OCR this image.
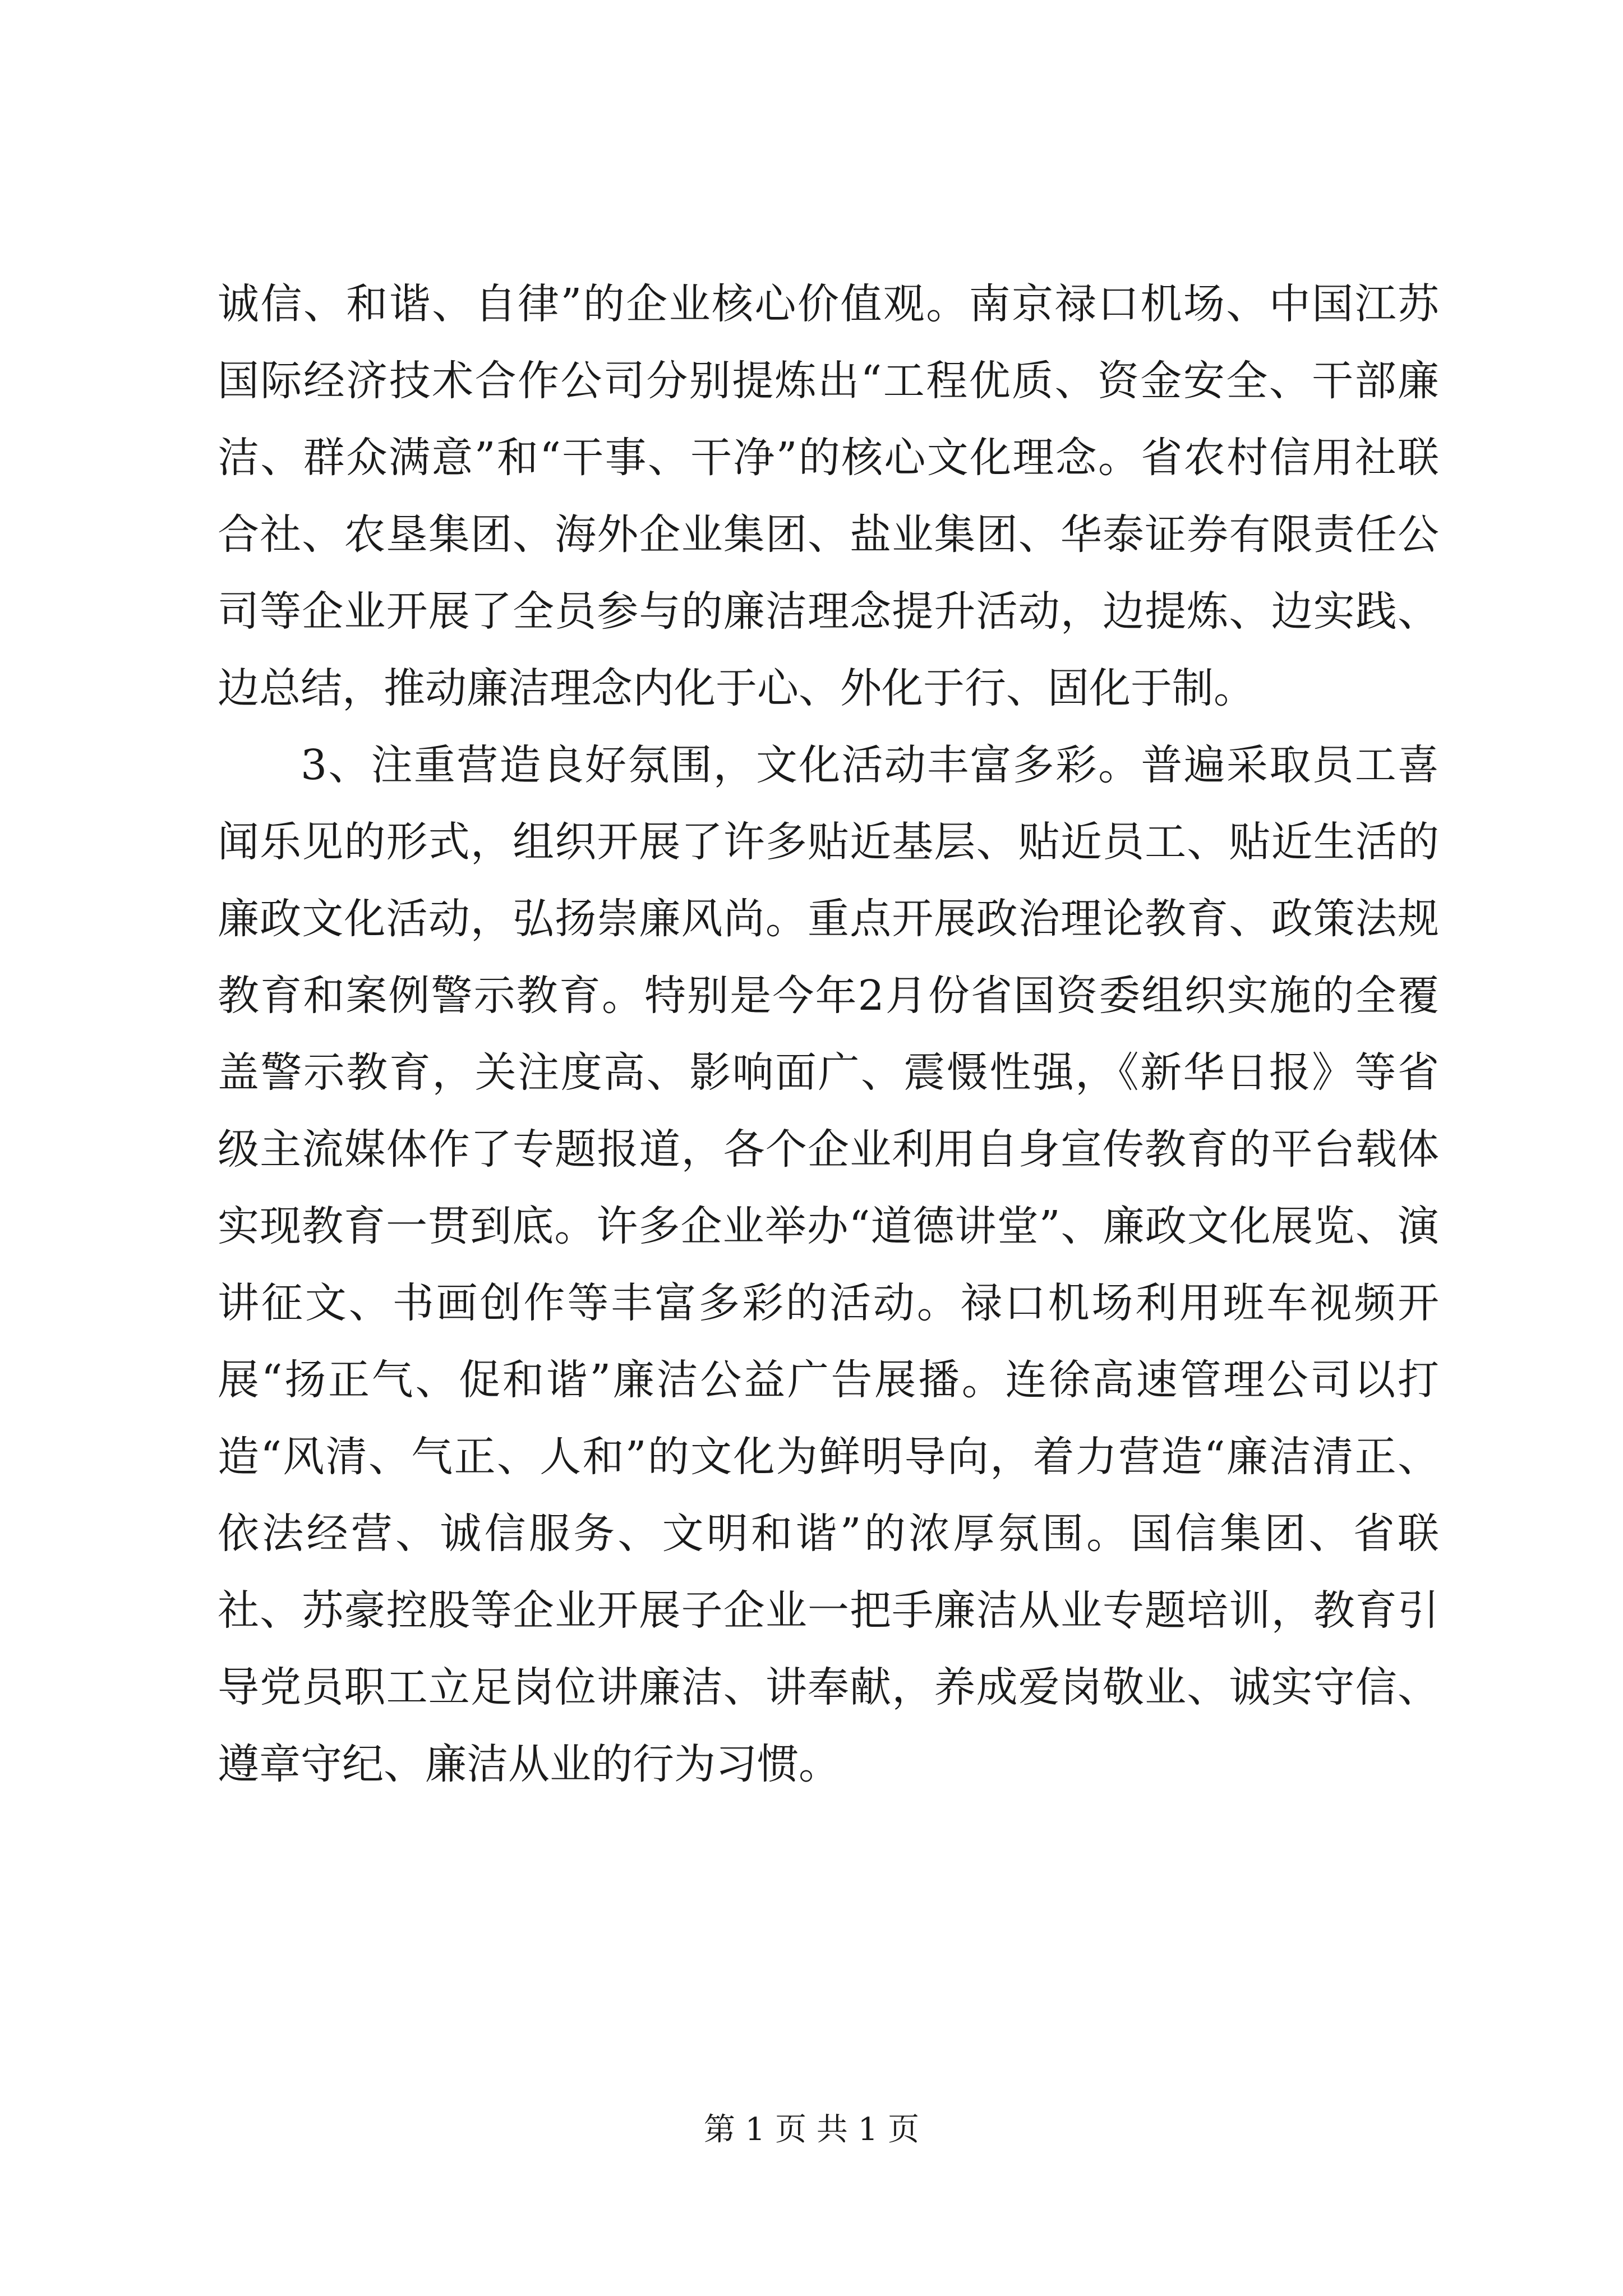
诚信、和谐、自律”的企业核心价值观。南京禄口机场、中国江苏国际经济技术合作公司分别提炼出“工程优质、资金安全、干部廉洁、群众满意”和“干事、干净”的核心文化理念。省农村信用社联合社、农垦集团、海外企业集团、盐业集团、华泰证券有限责任公司等企业开展了全员参与的廉洁理念提升活动，边提炼、边实践、边总结，推动廉洁理念内化于心、外化于行、固化于制。

3、注重营造良好氛围，文化活动丰富多彩。普遍采取员工喜闻乐见的形式，组织开展了许多贴近基层、贴近员工、贴近生活的廉政文化活动，弘扬崇廉风尚。重点开展政治理论教育、政策法规教育和案例警示教育。特别是今年2月份省国资委组织实施的全覆盖警示教育，关注度高、影响面广、震慑性强，《新华日报》等省级主流媒体作了专题报道，各个企业利用自身宣传教育的平台载体实现教育一贯到底。许多企业举办“道德讲堂”、廉政文化展览、演讲征文、书画创作等丰富多彩的活动。禄口机场利用班车视频开展“扬正气、促和谐”廉洁公益广告展播。连徐高速管理公司以打造“风清、气正、人和”的文化为鲜明导向，着力营造“廉洁清正、依法经营、诚信服务、文明和谐”的浓厚氛围。国信集团、省联社、苏豪控股等企业开展子企业一把手廉洁从业专题培训，教育引导党员职工立足岗位讲廉洁、讲奉献，养成爱岗敬业、诚实守信、遵章守纪、廉洁从业的行为习惯。

第 1 页 共 1 页
